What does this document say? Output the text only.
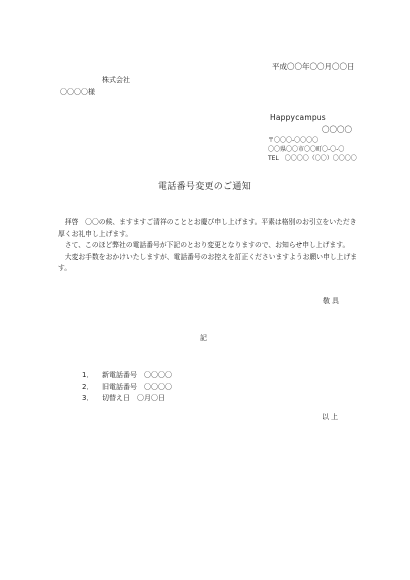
平成〇〇年〇〇月〇〇日
株式会社
〇〇〇〇様
Happycampus
〇〇〇〇
〒〇〇〇-〇〇〇〇
〇〇県〇〇市〇〇町〇-〇-〇
TEL　〇〇〇〇（〇〇）〇〇〇〇
電話番号変更のご通知

　拝啓　〇〇の候、ますますご清祥のこととお慶び申し上げます。平素は格別のお引立をいただき厚くお礼申し上げます。

　さて、このほど弊社の電話番号が下記のとおり変更となりますので、お知らせ申し上げます。

　大変お手数をおかけいたしますが、電話番号のお控えを訂正くださいますようお願い申し上げます。

敬具
記
1．	新電話番号　〇〇〇〇
2．	旧電話番号　〇〇〇〇
3．	切替え日　〇月〇日
以上
